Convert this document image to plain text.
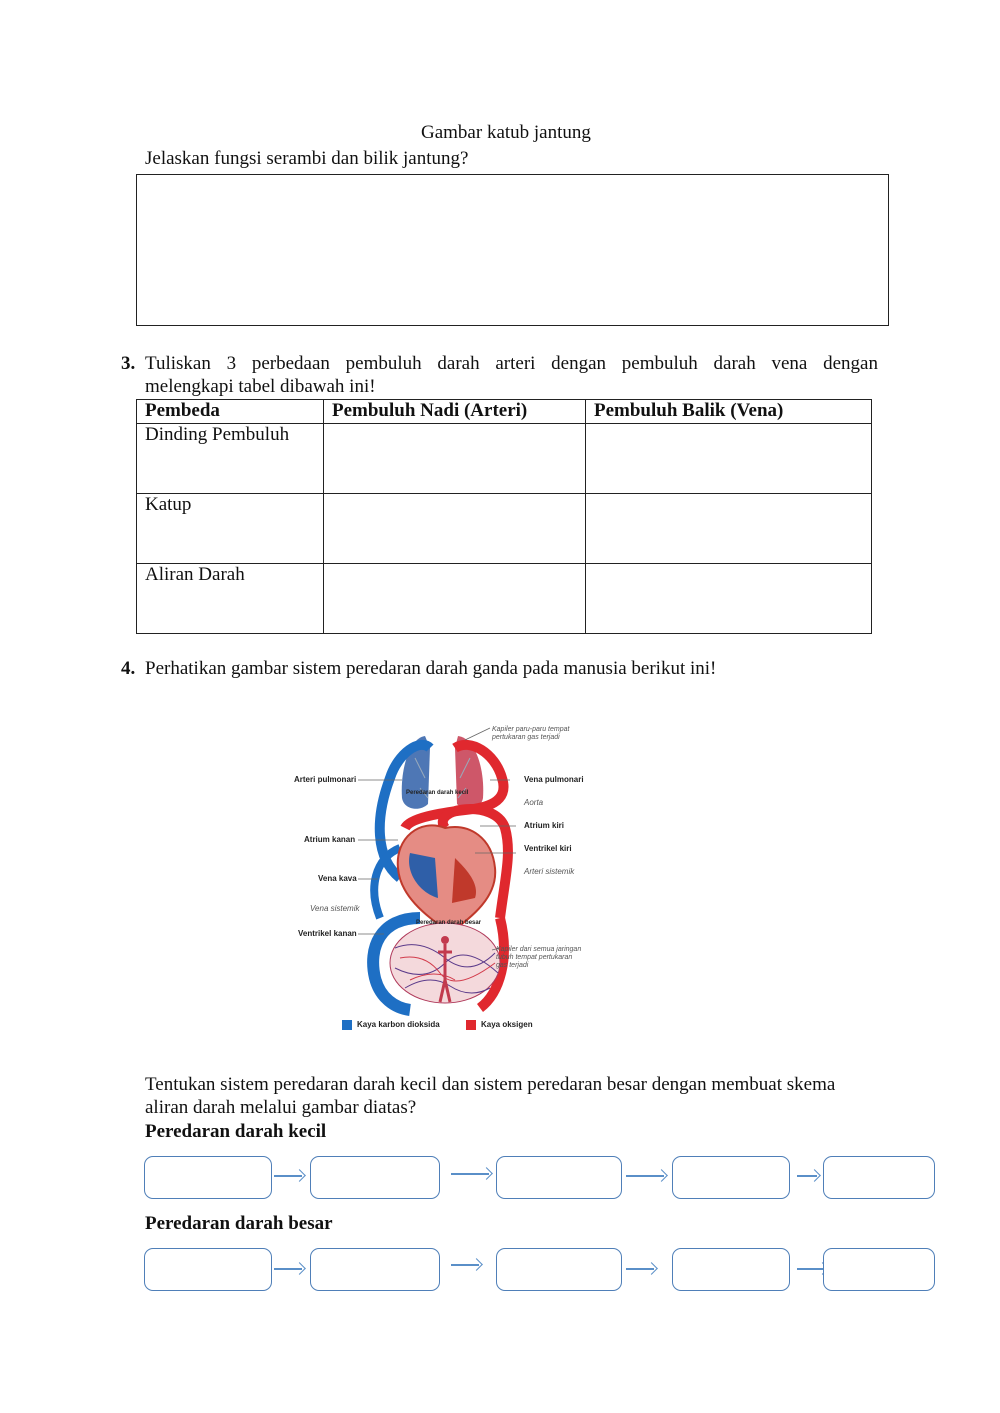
Gambar katub jantung
Jelaskan fungsi serambi dan bilik jantung?
3. Tuliskan 3 perbedaan pembuluh darah arteri dengan pembuluh darah vena dengan
melengkapi tabel dibawah ini!
Pembeda	Pembuluh Nadi (Arteri)	Pembuluh Balik (Vena)
Dinding Pembuluh		
Katup		
Aliran Darah		
4. Perhatikan gambar sistem peredaran darah ganda pada manusia berikut ini!
Arteri pulmonari
Atrium kanan
Vena kava
Vena sistemik
Ventrikel kanan
Vena pulmonari
Aorta
Atrium kiri
Ventrikel kiri
Arteri sistemik
Kapiler paru-paru tempat
pertukaran gas terjadi
Kapiler dari semua jaringan
tubuh tempat pertukaran
gas terjadi
Peredaran darah kecil
Peredaran darah besar
Kaya karbon dioksida	Kaya oksigen
Tentukan sistem peredaran darah kecil dan sistem peredaran besar dengan membuat skema
aliran darah melalui gambar diatas?
Peredaran darah kecil
Peredaran darah besar
